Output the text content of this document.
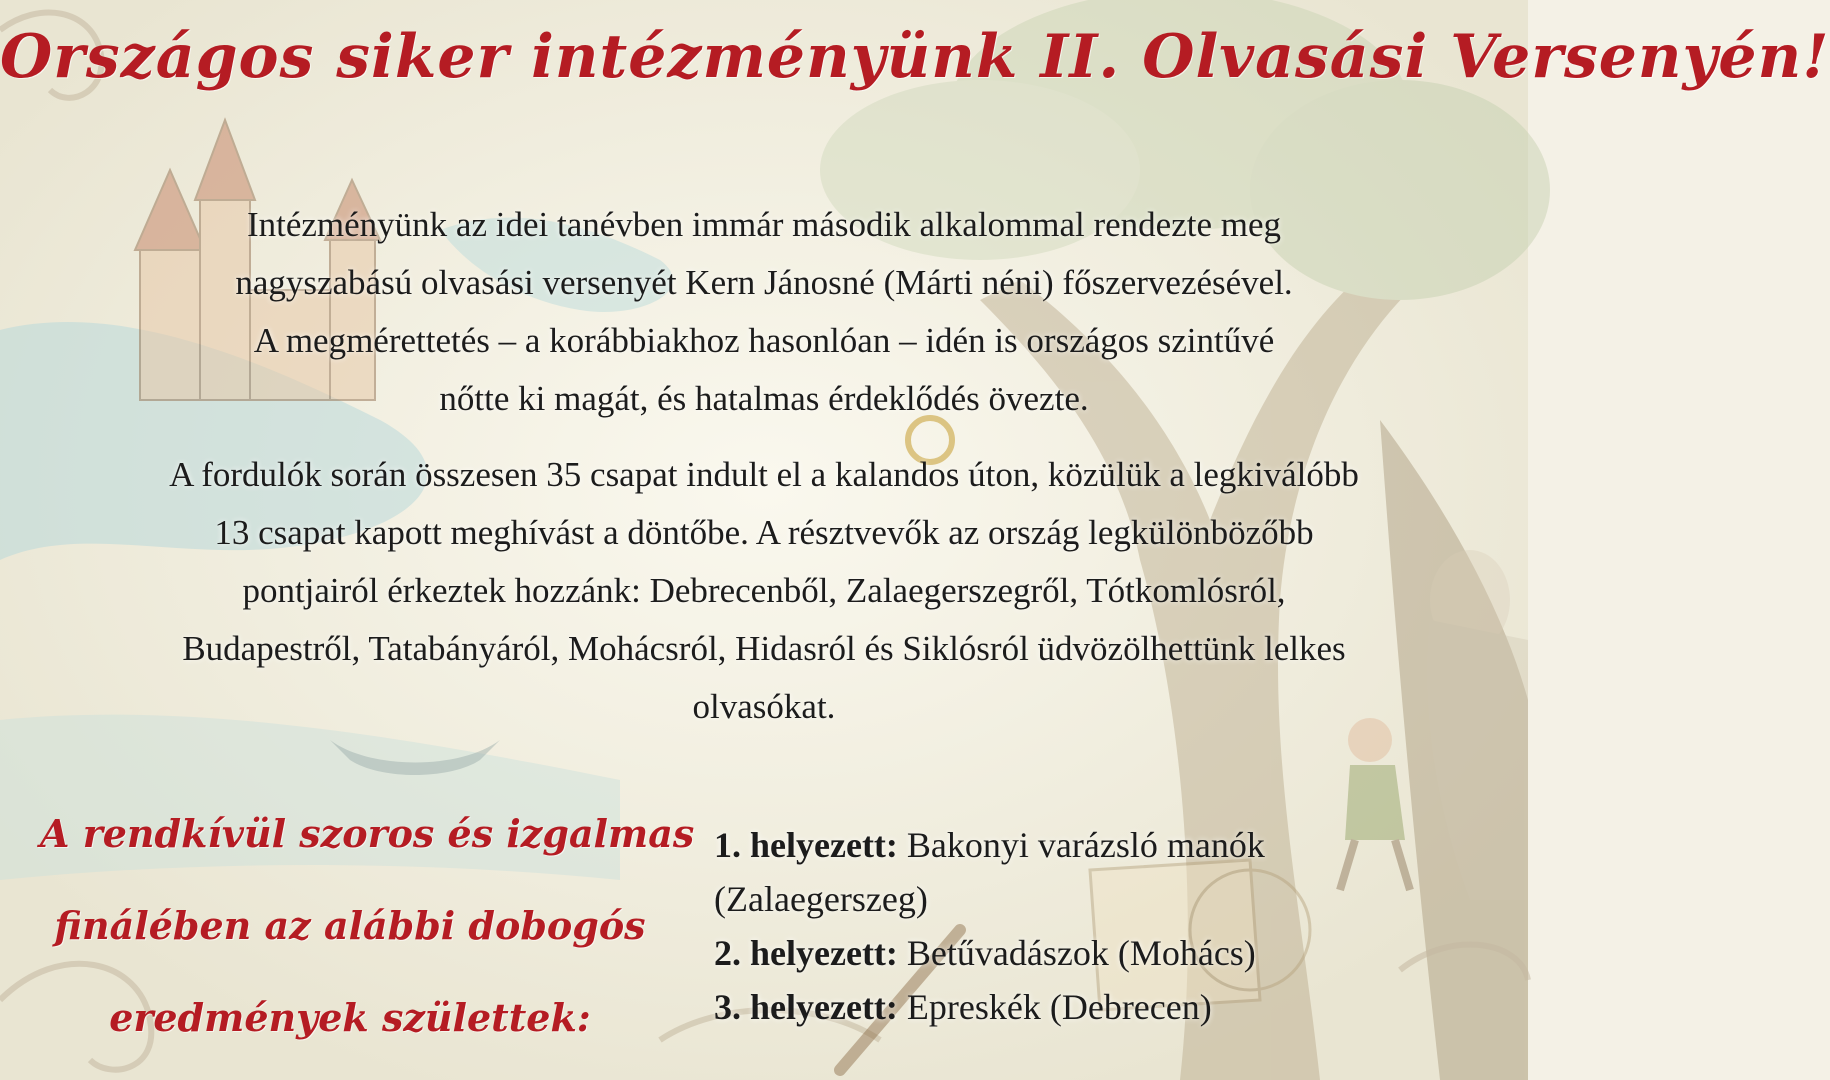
Országos siker intézményünk II. Olvasási Versenyén!
Intézményünk az idei tanévben immár második alkalommal rendezte meg
nagyszabású olvasási versenyét Kern Jánosné (Márti néni) főszervezésével.
A megmérettetés – a korábbiakhoz hasonlóan – idén is országos szintűvé
nőtte ki magát, és hatalmas érdeklődés övezte.
A fordulók során összesen 35 csapat indult el a kalandos úton, közülük a legkiválóbb
13 csapat kapott meghívást a döntőbe. A résztvevők az ország legkülönbözőbb
pontjairól érkeztek hozzánk: Debrecenből, Zalaegerszegről, Tótkomlósról,
Budapestről, Tatabányáról, Mohácsról, Hidasról és Siklósról üdvözölhettünk lelkes
olvasókat.
A rendkívül szoros és izgalmas
finálében az alábbi dobogós
eredmények születtek:
1. helyezett: Bakonyi varázsló manók
(Zalaegerszeg)
2. helyezett: Betűvadászok (Mohács)
3. helyezett: Epreskék (Debrecen)
